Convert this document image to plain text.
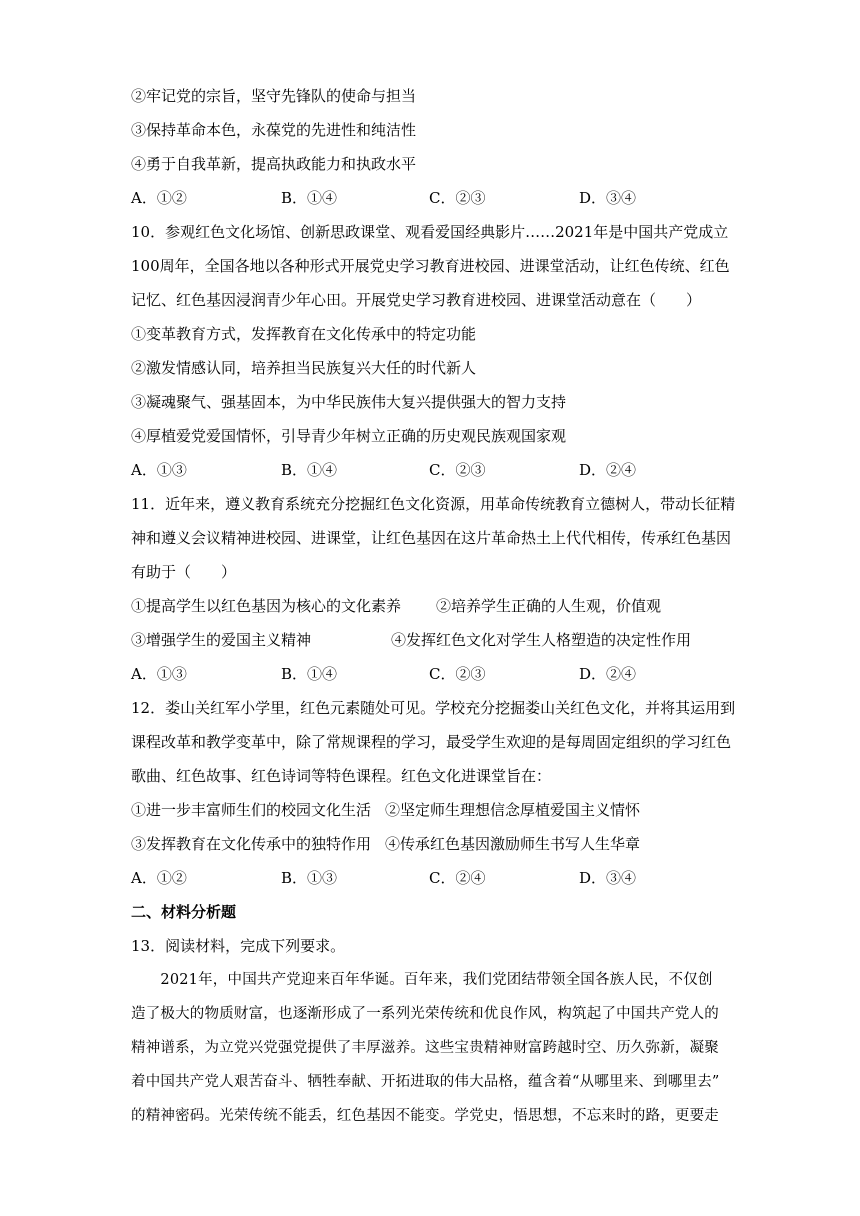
②牢记党的宗旨，坚守先锋队的使命与担当
③保持革命本色，永葆党的先进性和纯洁性
④勇于自我革新，提高执政能力和执政水平
A．①②	B．①④	C．②③	D．③④
10．参观红色文化场馆、创新思政课堂、观看爱国经典影片……2021年是中国共产党成立
100周年，全国各地以各种形式开展党史学习教育进校园、进课堂活动，让红色传统、红色
记忆、红色基因浸润青少年心田。开展党史学习教育进校园、进课堂活动意在（　　）
①变革教育方式，发挥教育在文化传承中的特定功能
②激发情感认同，培养担当民族复兴大任的时代新人
③凝魂聚气、强基固本，为中华民族伟大复兴提供强大的智力支持
④厚植爱党爱国情怀，引导青少年树立正确的历史观民族观国家观
A．①③	B．①④	C．②③	D．②④
11．近年来，遵义教育系统充分挖掘红色文化资源，用革命传统教育立德树人，带动长征精
神和遵义会议精神进校园、进课堂，让红色基因在这片革命热土上代代相传，传承红色基因
有助于（　　）
①提高学生以红色基因为核心的文化素养 ②培养学生正确的人生观，价值观
③增强学生的爱国主义精神	④发挥红色文化对学生人格塑造的决定性作用
A．①③	B．①④	C．②③	D．②④
12．娄山关红军小学里，红色元素随处可见。学校充分挖掘娄山关红色文化，并将其运用到
课程改革和教学变革中，除了常规课程的学习，最受学生欢迎的是每周固定组织的学习红色
歌曲、红色故事、红色诗词等特色课程。红色文化进课堂旨在：
①进一步丰富师生们的校园文化生活 ②坚定师生理想信念厚植爱国主义情怀
③发挥教育在文化传承中的独特作用 ④传承红色基因激励师生书写人生华章
A．①②	B．①③	C．②④	D．③④
二、材料分析题
13．阅读材料，完成下列要求。
　　2021年，中国共产党迎来百年华诞。百年来，我们党团结带领全国各族人民，不仅创
造了极大的物质财富，也逐渐形成了一系列光荣传统和优良作风，构筑起了中国共产党人的
精神谱系，为立党兴党强党提供了丰厚滋养。这些宝贵精神财富跨越时空、历久弥新，凝聚
着中国共产党人艰苦奋斗、牺牲奉献、开拓进取的伟大品格，蕴含着“从哪里来、到哪里去”
的精神密码。光荣传统不能丢，红色基因不能变。学党史，悟思想，不忘来时的路，更要走
